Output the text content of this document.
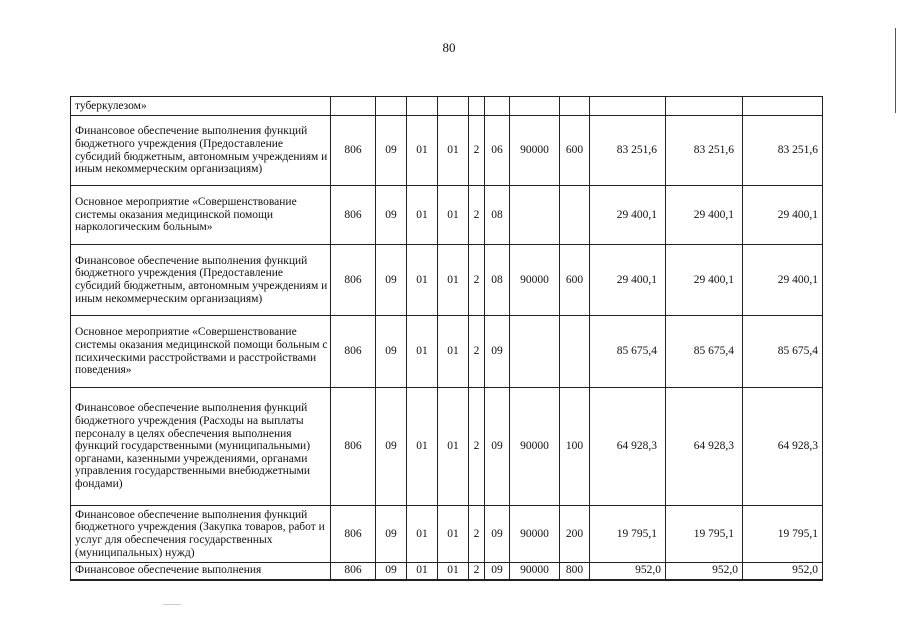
80
туберкулезом»											
Финансовое обеспечение выполнения функций бюджетного учреждения (Предоставление субсидий бюджетным, автономным учреждениям и иным некоммерческим организациям)	806	09	01	01	2	06	90000	600	83 251,6	83 251,6	83 251,6
Основное мероприятие «Совершенствование системы оказания медицинской помощи наркологическим больным»	806	09	01	01	2	08			29 400,1	29 400,1	29 400,1
Финансовое обеспечение выполнения функций бюджетного учреждения (Предоставление субсидий бюджетным, автономным учреждениям и иным некоммерческим организациям)	806	09	01	01	2	08	90000	600	29 400,1	29 400,1	29 400,1
Основное мероприятие «Совершенствование системы оказания медицинской помощи больным с психическими расстройствами и расстройствами поведения»	806	09	01	01	2	09			85 675,4	85 675,4	85 675,4
Финансовое обеспечение выполнения функций бюджетного учреждения (Расходы на выплаты персоналу в целях обеспечения выполнения функций государственными (муниципальными) органами, казенными учреждениями, органами управления государственными внебюджетными фондами)	806	09	01	01	2	09	90000	100	64 928,3	64 928,3	64 928,3
Финансовое обеспечение выполнения функций бюджетного учреждения (Закупка товаров, работ и услуг для обеспечения государственных (муниципальных) нужд)	806	09	01	01	2	09	90000	200	19 795,1	19 795,1	19 795,1
Финансовое обеспечение выполнения	806	09	01	01	2	09	90000	800	952,0	952,0	952,0
